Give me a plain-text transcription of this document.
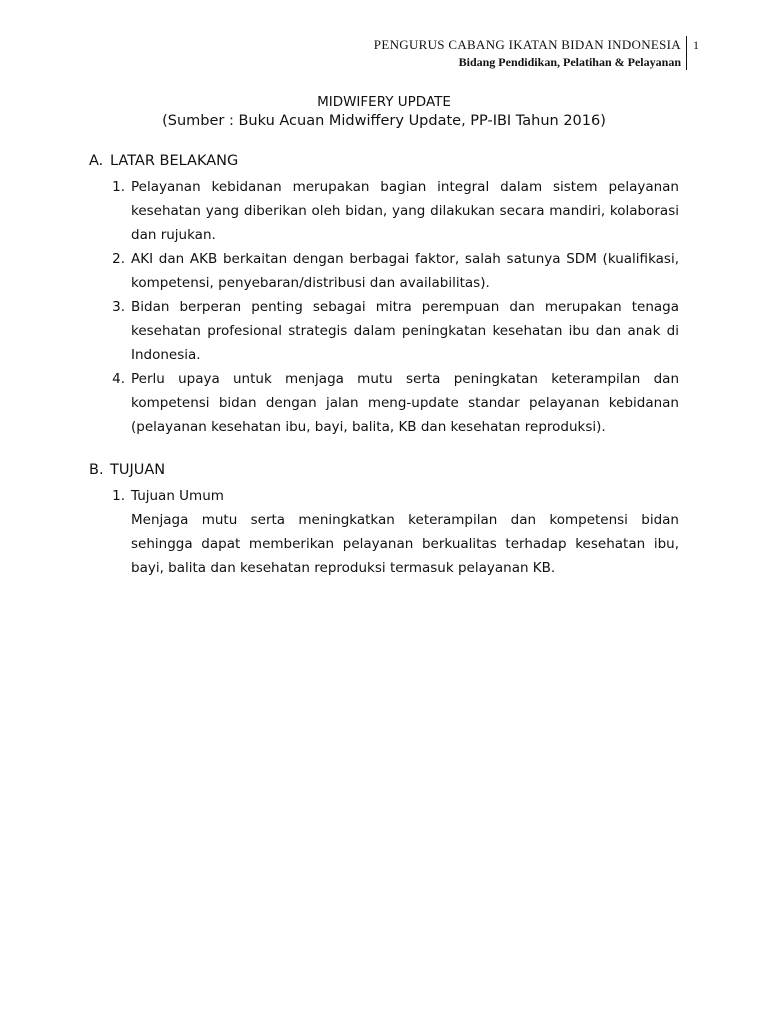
PENGURUS CABANG IKATAN BIDAN INDONESIA
Bidang Pendidikan, Pelatihan & Pelayanan
1
MIDWIFERY UPDATE
(Sumber : Buku Acuan Midwiffery Update, PP-IBI Tahun 2016)
A. LATAR BELAKANG
1. Pelayanan kebidanan merupakan bagian integral dalam sistem pelayanan kesehatan yang diberikan oleh bidan, yang dilakukan secara mandiri, kolaborasi dan rujukan.
2. AKI dan AKB berkaitan dengan berbagai faktor, salah satunya SDM (kualifikasi, kompetensi, penyebaran/distribusi dan availabilitas).
3. Bidan berperan penting sebagai mitra perempuan dan merupakan tenaga kesehatan profesional strategis dalam peningkatan kesehatan ibu dan anak di Indonesia.
4. Perlu upaya untuk menjaga mutu serta peningkatan keterampilan dan kompetensi bidan dengan jalan meng-update standar pelayanan kebidanan (pelayanan kesehatan ibu, bayi, balita, KB dan kesehatan reproduksi).
B. TUJUAN
1. Tujuan Umum
Menjaga mutu serta meningkatkan keterampilan dan kompetensi bidan sehingga dapat memberikan pelayanan berkualitas terhadap kesehatan ibu, bayi, balita dan kesehatan reproduksi termasuk pelayanan KB.
